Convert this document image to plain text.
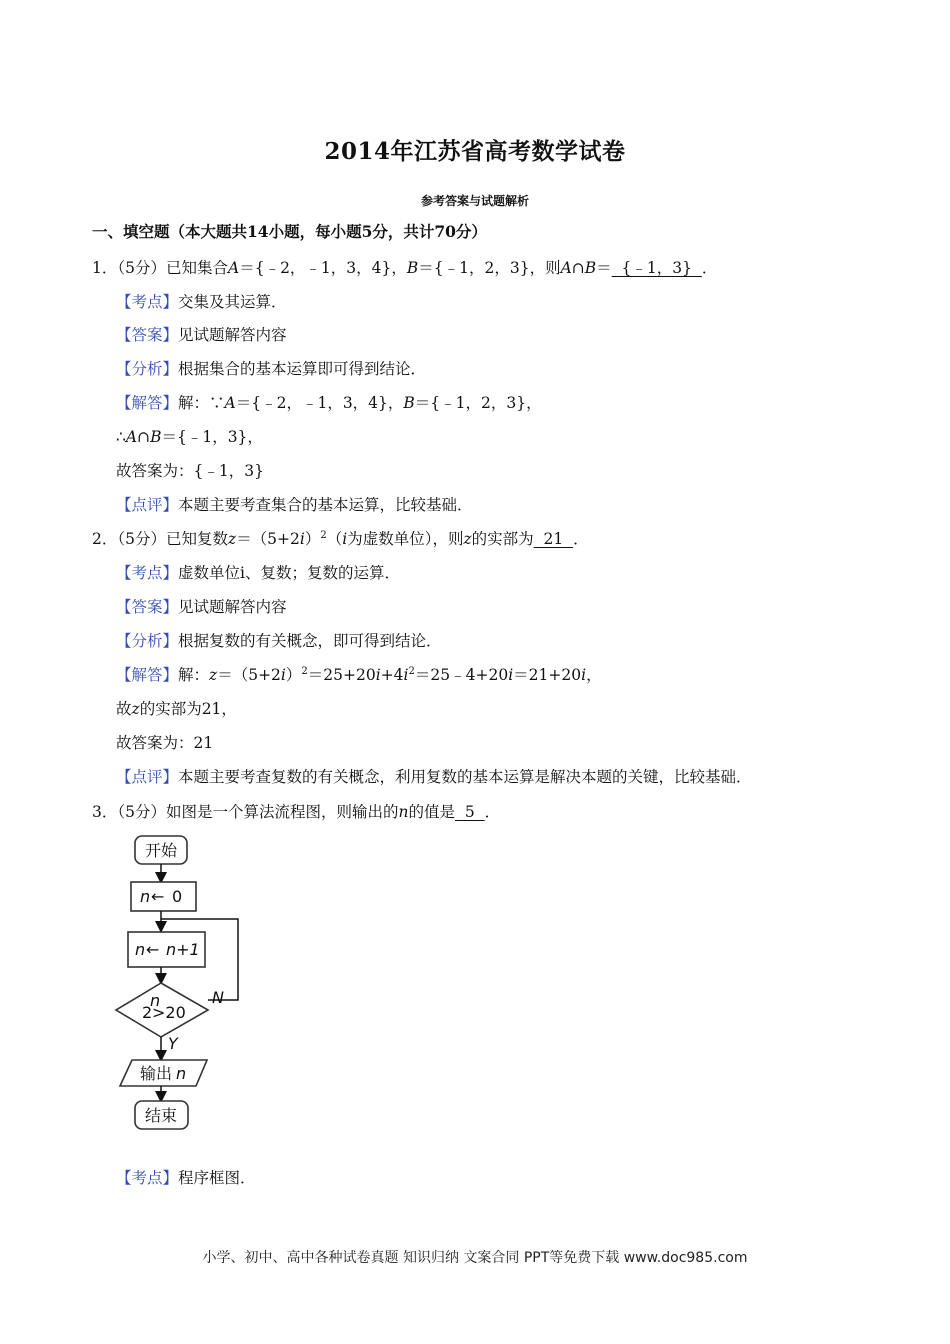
2014年江苏省高考数学试卷
参考答案与试题解析
一、填空题（本大题共14小题，每小题5分，共计70分）
1．（5分）已知集合A＝{﹣2，﹣1，3，4}，B＝{﹣1，2，3}，则A∩B＝  {﹣1，3}  ．
【考点】交集及其运算．
【答案】见试题解答内容
【分析】根据集合的基本运算即可得到结论．
【解答】解：∵A＝{﹣2，﹣1，3，4}，B＝{﹣1，2，3}，
∴A∩B＝{﹣1，3}，
故答案为：{﹣1，3}
【点评】本题主要考查集合的基本运算，比较基础．
2．（5分）已知复数$z=(5+2i)^2(i$为虚数单位），则z的实部为  21  ．
【考点】虚数单位i、复数；复数的运算．
【答案】见试题解答内容
【分析】根据复数的有关概念，即可得到结论．
【解答】解：$z=(5+2i)^2=25+20i+4i^2=25﹣4+20i=21+20i$，
故z的实部为21，
故答案为：21
【点评】本题主要考查复数的有关概念，利用复数的基本运算是解决本题的关键，比较基础．
3．（5分）如图是一个算法流程图，则输出的n的值是  5  ．
开始
n ← 0
n ← n+1
2
n
>20
N
Y
输出 n
结束
【考点】程序框图．
小学、初中、高中各种试卷真题 知识归纳 文案合同 PPT等免费下载 www.doc985.com
